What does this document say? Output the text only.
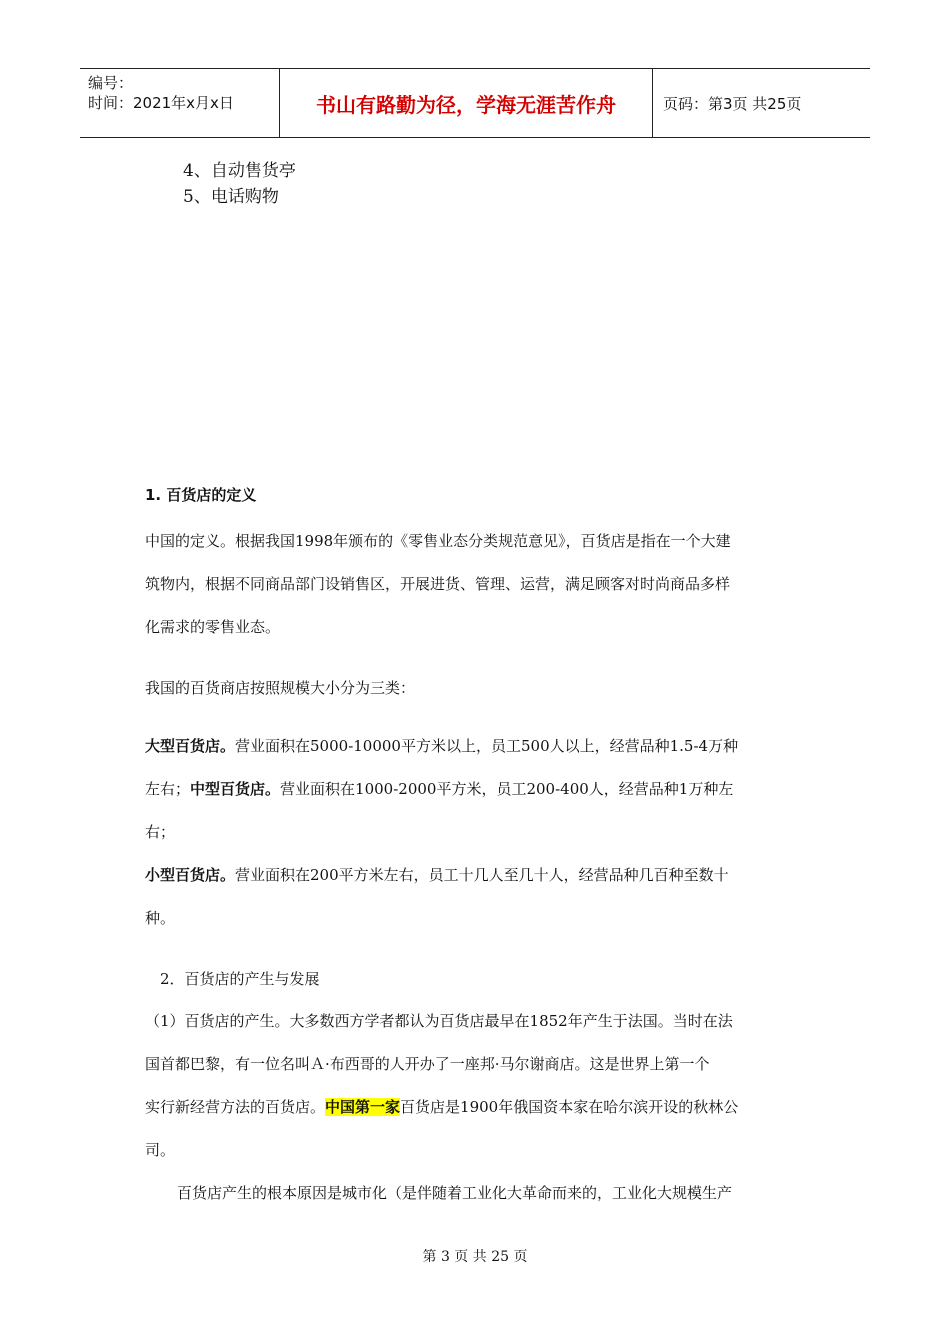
编号：
时间：2021年x月x日	书山有路勤为径，学海无涯苦作舟	页码：第3页 共25页
4、自动售货亭
5、电话购物
1. 百货店的定义

中国的定义。根据我国1998年颁布的《零售业态分类规范意见》，百货店是指在一个大建

筑物内，根据不同商品部门设销售区，开展进货、管理、运营，满足顾客对时尚商品多样

化需求的零售业态。

我国的百货商店按照规模大小分为三类：

大型百货店。营业面积在5000-10000平方米以上，员工500人以上，经营品种1.5-4万种

左右；中型百货店。营业面积在1000-2000平方米，员工200-400人，经营品种1万种左

右；

小型百货店。营业面积在200平方米左右，员工十几人至几十人，经营品种几百种至数十

种。

2．百货店的产生与发展

（1）百货店的产生。大多数西方学者都认为百货店最早在1852年产生于法国。当时在法

国首都巴黎，有一位名叫Ａ·布西哥的人开办了一座邦·马尔谢商店。这是世界上第一个

实行新经营方法的百货店。中国第一家百货店是1900年俄国资本家在哈尔滨开设的秋林公

司。

百货店产生的根本原因是城市化（是伴随着工业化大革命而来的，工业化大规模生产

第 3 页 共 25 页
